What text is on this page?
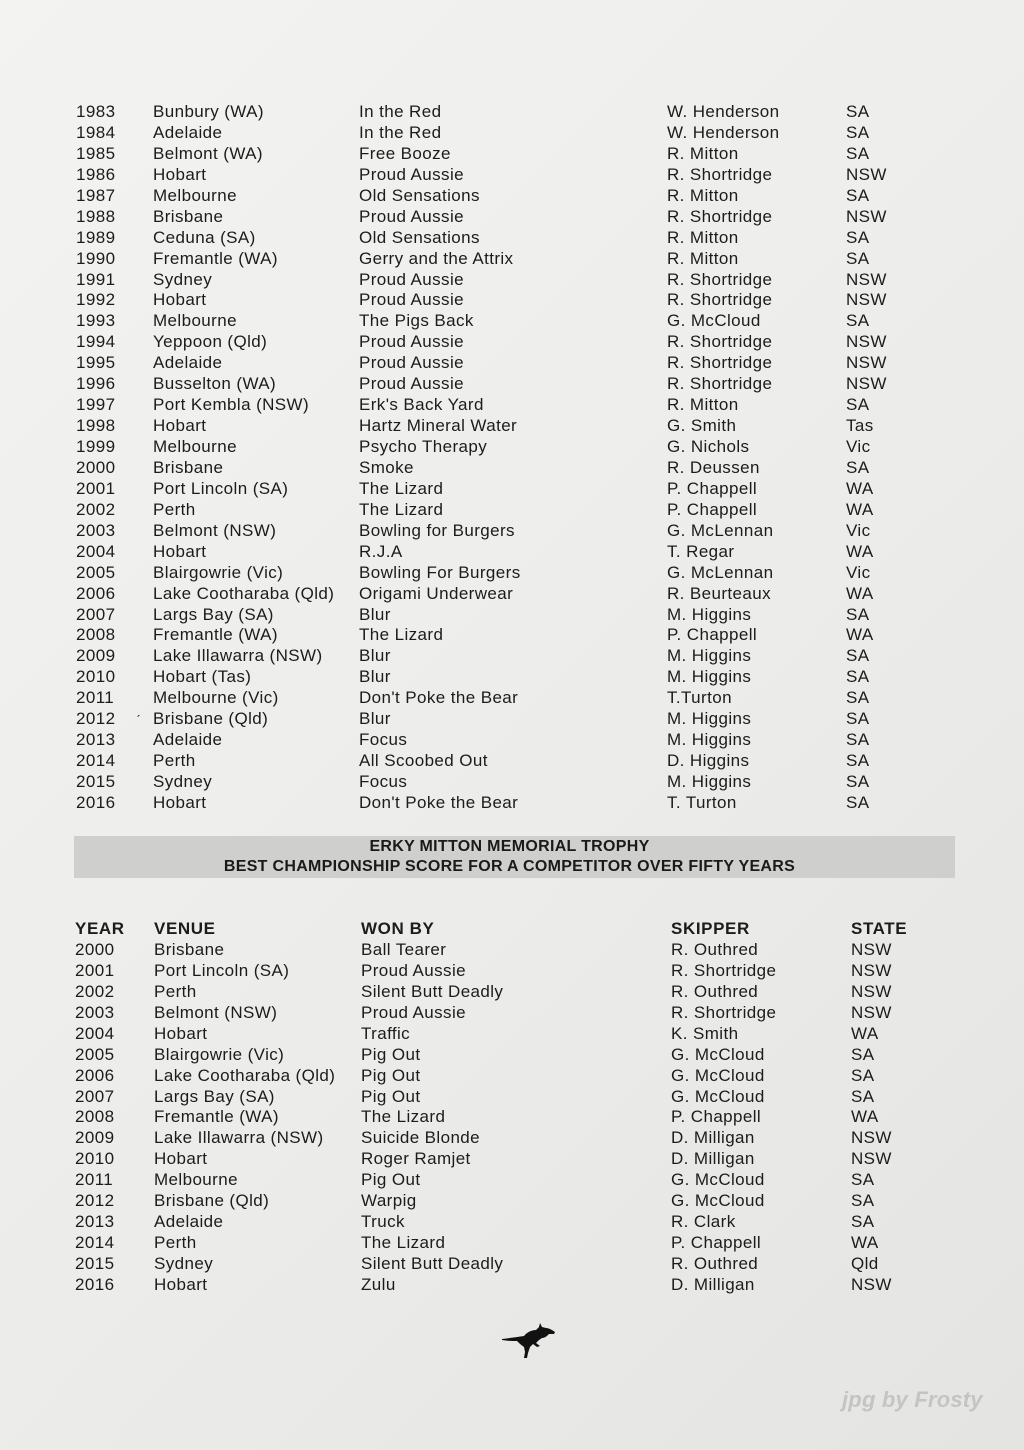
1983 Bunbury (WA)	In the Red	W. Henderson	SA
1984 Adelaide	In the Red	W. Henderson	SA
1985 Belmont (WA)	Free Booze	R. Mitton	SA
1986 Hobart	Proud Aussie	R. Shortridge	NSW
1987 Melbourne	Old Sensations	R. Mitton	SA
1988 Brisbane	Proud Aussie	R. Shortridge	NSW
1989 Ceduna (SA)	Old Sensations	R. Mitton	SA
1990 Fremantle (WA)	Gerry and the Attrix	R. Mitton	SA
1991 Sydney	Proud Aussie	R. Shortridge	NSW
1992 Hobart	Proud Aussie	R. Shortridge	NSW
1993 Melbourne	The Pigs Back	G. McCloud	SA
1994 Yeppoon (Qld)	Proud Aussie	R. Shortridge	NSW
1995 Adelaide	Proud Aussie	R. Shortridge	NSW
1996 Busselton (WA)	Proud Aussie	R. Shortridge	NSW
1997 Port Kembla (NSW)	Erk's Back Yard	R. Mitton	SA
1998 Hobart	Hartz Mineral Water	G. Smith	Tas
1999 Melbourne	Psycho Therapy	G. Nichols	Vic
2000 Brisbane	Smoke	R. Deussen	SA
2001 Port Lincoln (SA)	The Lizard	P. Chappell	WA
2002 Perth	The Lizard	P. Chappell	WA
2003 Belmont (NSW)	Bowling for Burgers	G. McLennan	Vic
2004 Hobart	R.J.A	T. Regar	WA
2005 Blairgowrie (Vic)	Bowling For Burgers	G. McLennan	Vic
2006 Lake Cootharaba (Qld) Origami Underwear	R. Beurteaux	WA
2007 Largs Bay (SA)	Blur	M. Higgins	SA
2008 Fremantle (WA)	The Lizard	P. Chappell	WA
2009 Lake Illawarra (NSW) Blur	M. Higgins	SA
2010 Hobart (Tas)	Blur	M. Higgins	SA
2011 Melbourne (Vic)	Don't Poke the Bear	T.Turton	SA
2012 Brisbane (Qld)	Blur	M. Higgins	SA
2013 Adelaide	Focus	M. Higgins	SA
2014 Perth	All Scoobed Out	D. Higgins	SA
2015 Sydney	Focus	M. Higgins	SA
2016 Hobart	Don't Poke the Bear	T. Turton	SA
ˊ
ERKY MITTON MEMORIAL TROPHY
BEST CHAMPIONSHIP SCORE FOR A COMPETITOR OVER FIFTY YEARS
YEAR VENUE	WON BY	SKIPPER	STATE
2000 Brisbane	Ball Tearer	R. Outhred	NSW
2001 Port Lincoln (SA)	Proud Aussie	R. Shortridge	NSW
2002 Perth	Silent Butt Deadly	R. Outhred	NSW
2003 Belmont (NSW)	Proud Aussie	R. Shortridge	NSW
2004 Hobart	Traffic	K. Smith	WA
2005 Blairgowrie (Vic)	Pig Out	G. McCloud	SA
2006 Lake Cootharaba (Qld) Pig Out	G. McCloud	SA
2007 Largs Bay (SA)	Pig Out	G. McCloud	SA
2008 Fremantle (WA)	The Lizard	P. Chappell	WA
2009 Lake Illawarra (NSW) Suicide Blonde	D. Milligan	NSW
2010 Hobart	Roger Ramjet	D. Milligan	NSW
2011 Melbourne	Pig Out	G. McCloud	SA
2012 Brisbane (Qld)	Warpig	G. McCloud	SA
2013 Adelaide	Truck	R. Clark	SA
2014 Perth	The Lizard	P. Chappell	WA
2015 Sydney	Silent Butt Deadly	R. Outhred	Qld
2016 Hobart	Zulu	D. Milligan	NSW
jpg by Frosty
